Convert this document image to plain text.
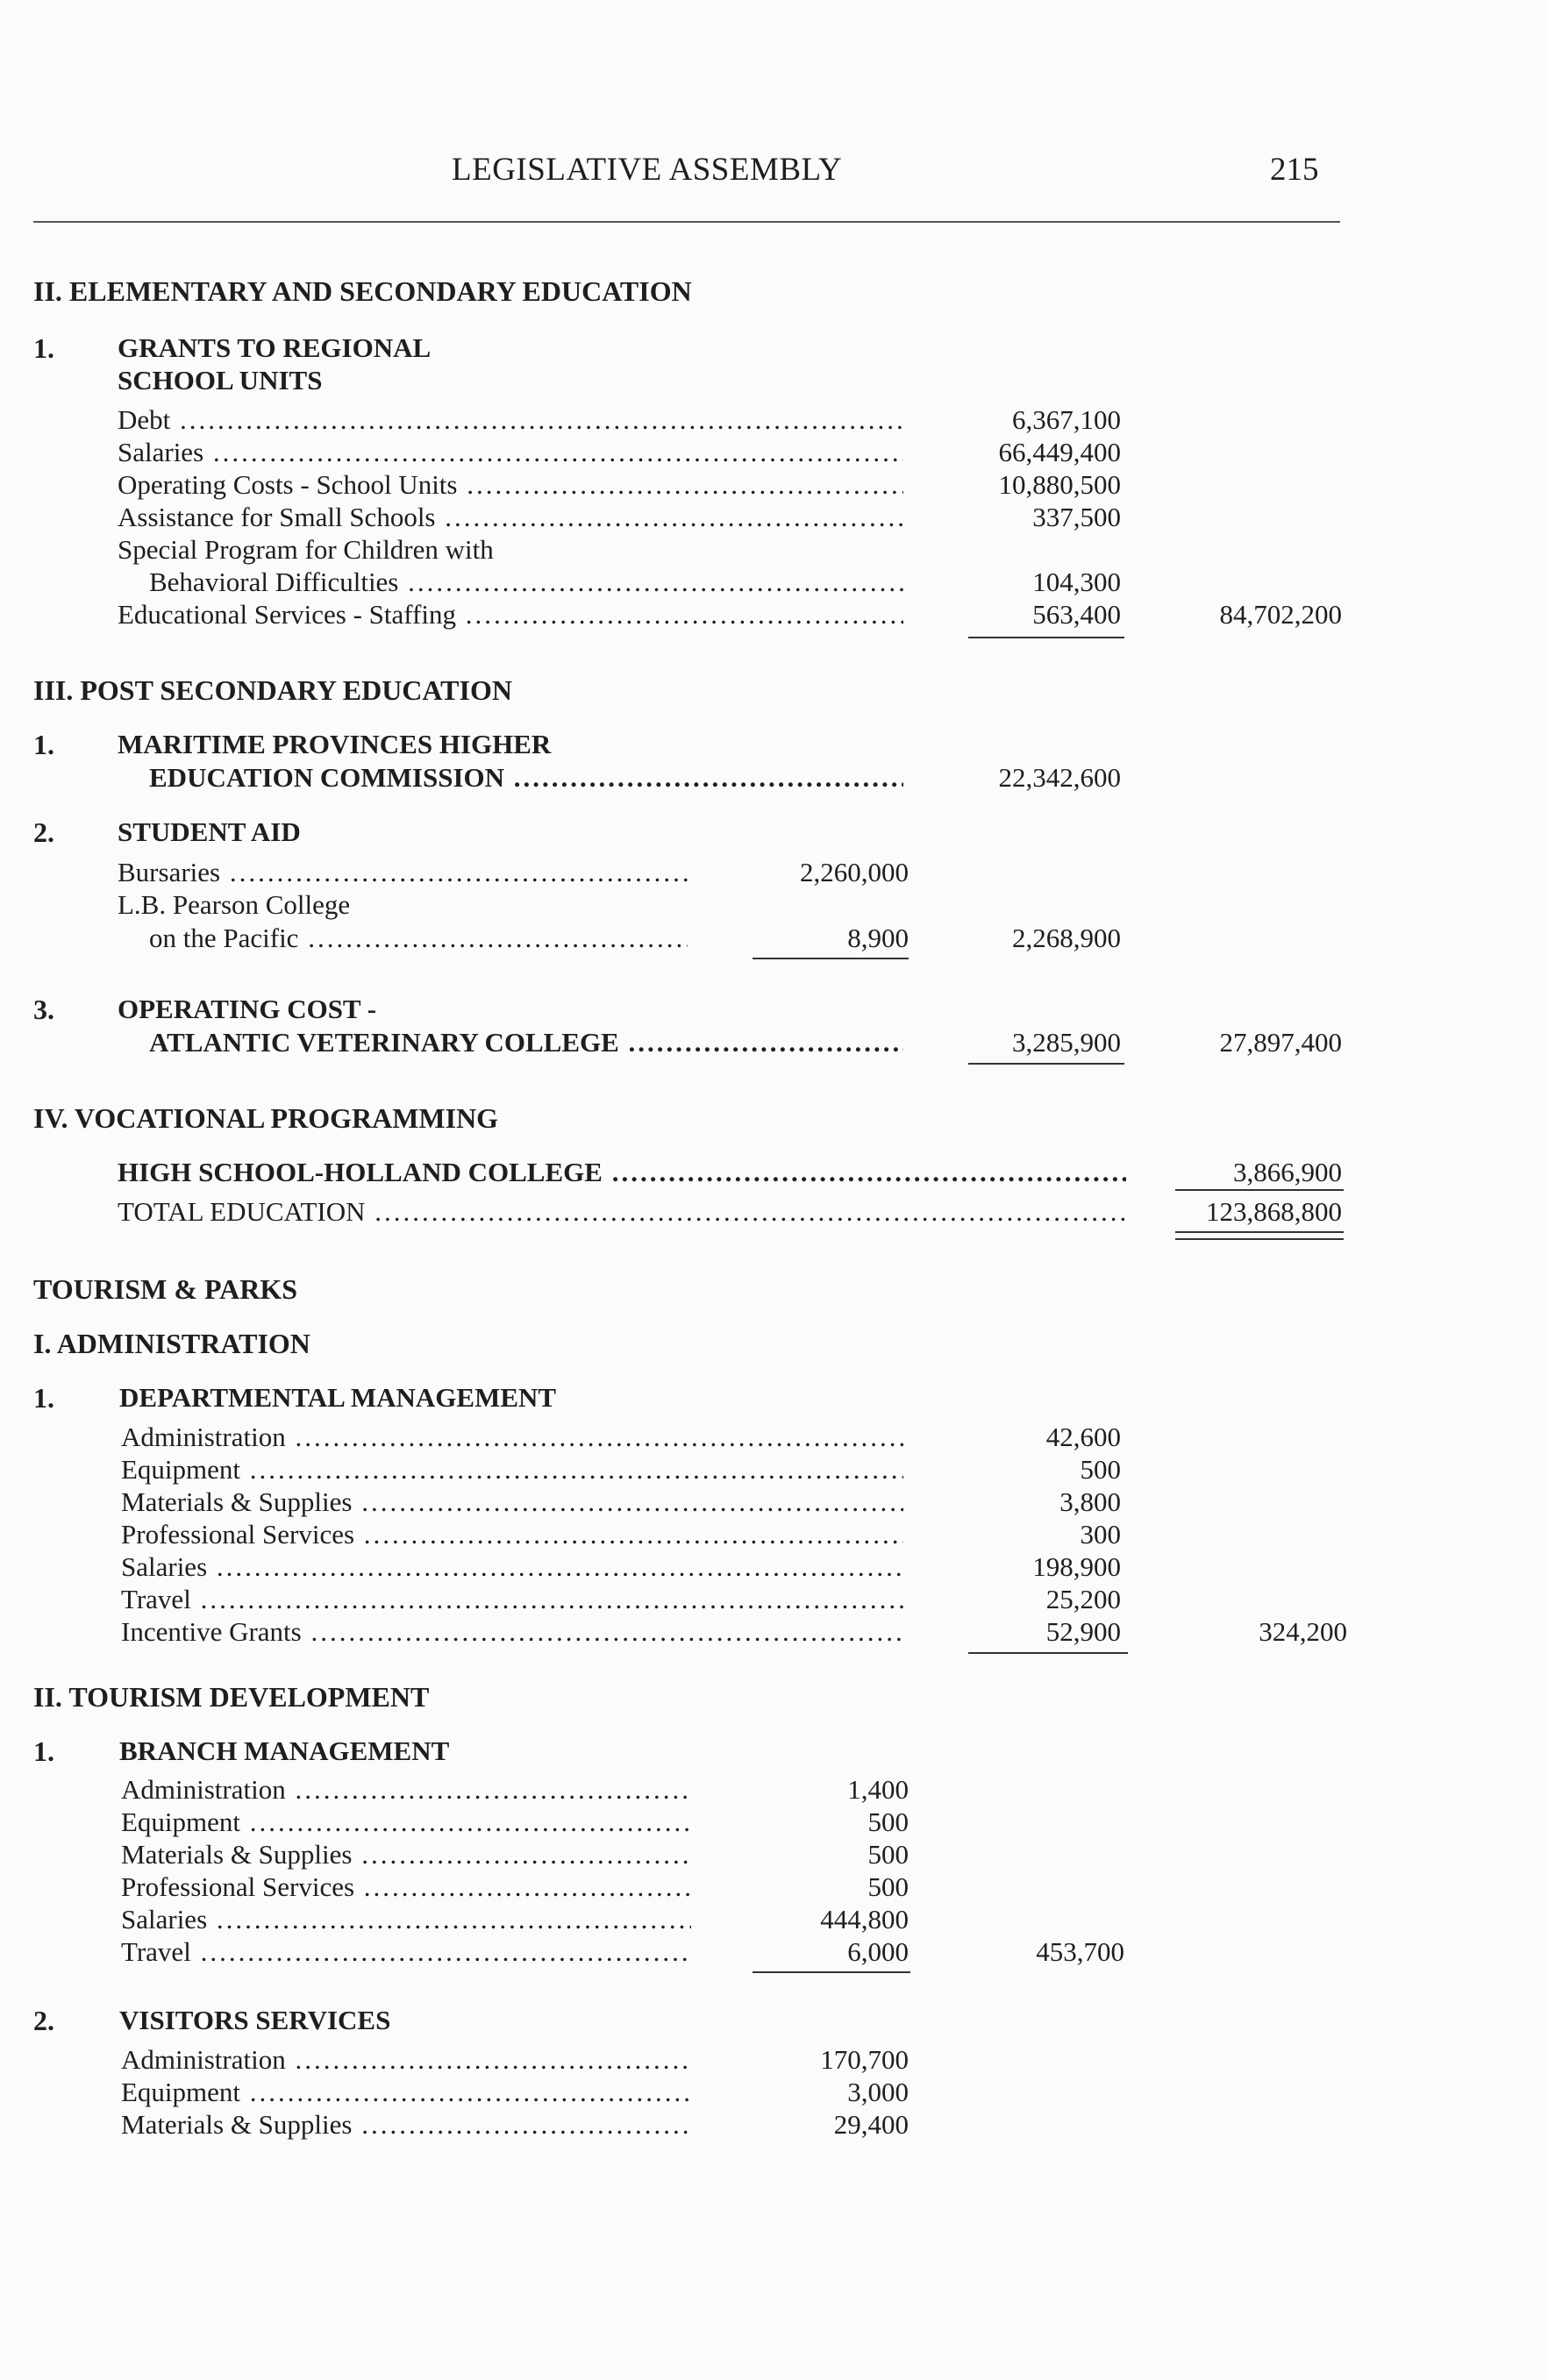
LEGISLATIVE ASSEMBLY	215
II. ELEMENTARY AND SECONDARY EDUCATION
1. GRANTS TO REGIONAL
SCHOOL UNITS
Debt .....	6,367,100
Salaries .....	66,449,400
Operating Costs - School Units .....	10,880,500
Assistance for Small Schools .....	337,500
Special Program for Children with
Behavioral Difficulties .....	104,300
Educational Services - Staffing .....	563,400	84,702,200
III. POST SECONDARY EDUCATION
1. MARITIME PROVINCES HIGHER
EDUCATION COMMISSION .....	22,342,600
2. STUDENT AID
Bursaries .....	2,260,000
L.B. Pearson College
on the Pacific .....	8,900	2,268,900
3. OPERATING COST -
ATLANTIC VETERINARY COLLEGE .....	3,285,900	27,897,400
IV. VOCATIONAL PROGRAMMING
HIGH SCHOOL-HOLLAND COLLEGE .....	3,866,900
TOTAL EDUCATION .....	123,868,800
TOURISM & PARKS
I. ADMINISTRATION
1. DEPARTMENTAL MANAGEMENT
Administration .....	42,600
Equipment .....	500
Materials & Supplies .....	3,800
Professional Services .....	300
Salaries .....	198,900
Travel .....	25,200
Incentive Grants .....	52,900	324,200
II. TOURISM DEVELOPMENT
1. BRANCH MANAGEMENT
Administration .....	1,400
Equipment .....	500
Materials & Supplies .....	500
Professional Services .....	500
Salaries .....	444,800
Travel .....	6,000	453,700
2. VISITORS SERVICES
Administration .....	170,700
Equipment .....	3,000
Materials & Supplies .....	29,400
